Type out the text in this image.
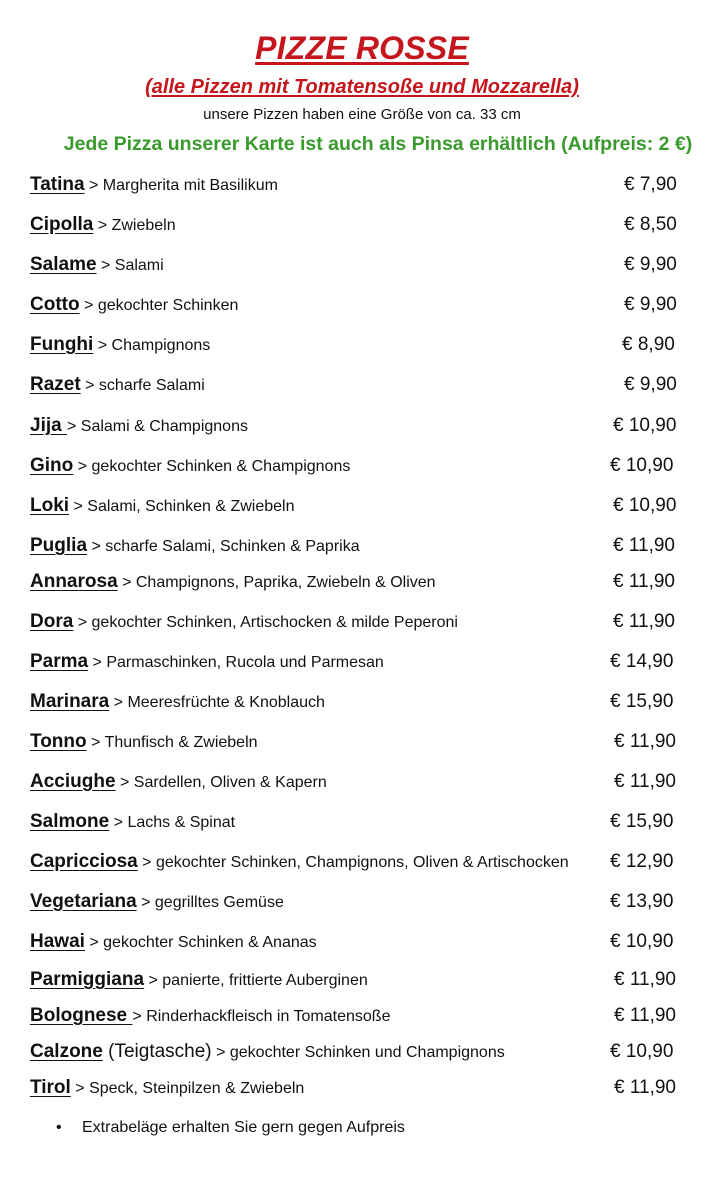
PIZZE ROSSE
(alle Pizzen mit Tomatensoße und Mozzarella)
unsere Pizzen haben eine Größe von ca. 33 cm
Jede Pizza unserer Karte ist auch als Pinsa erhältlich (Aufpreis: 2 €)
Tatina > Margherita mit Basilikum	€ 7,90
Cipolla > Zwiebeln	€ 8,50
Salame > Salami	€ 9,90
Cotto > gekochter Schinken	€ 9,90
Funghi > Champignons	€ 8,90
Razet > scharfe Salami	€ 9,90
Jija > Salami & Champignons	€ 10,90
Gino > gekochter Schinken & Champignons	€ 10,90
Loki > Salami, Schinken & Zwiebeln	€ 10,90
Puglia > scharfe Salami, Schinken & Paprika	€ 11,90
Annarosa > Champignons, Paprika, Zwiebeln & Oliven	€ 11,90
Dora > gekochter Schinken, Artischocken & milde Peperoni	€ 11,90
Parma > Parmaschinken, Rucola und Parmesan	€ 14,90
Marinara > Meeresfrüchte & Knoblauch	€ 15,90
Tonno > Thunfisch & Zwiebeln	€ 11,90
Acciughe > Sardellen, Oliven & Kapern	€ 11,90
Salmone > Lachs & Spinat	€ 15,90
Capricciosa > gekochter Schinken, Champignons, Oliven & Artischocken € 12,90
Vegetariana > gegrilltes Gemüse	€ 13,90
Hawai > gekochter Schinken & Ananas	€ 10,90
Parmiggiana > panierte, frittierte Auberginen	€ 11,90
Bolognese > Rinderhackfleisch in Tomatensoße	€ 11,90
Calzone (Teigtasche) > gekochter Schinken und Champignons	€ 10,90
Tirol > Speck, Steinpilzen & Zwiebeln	€ 11,90
• Extrabeläge erhalten Sie gern gegen Aufpreis
